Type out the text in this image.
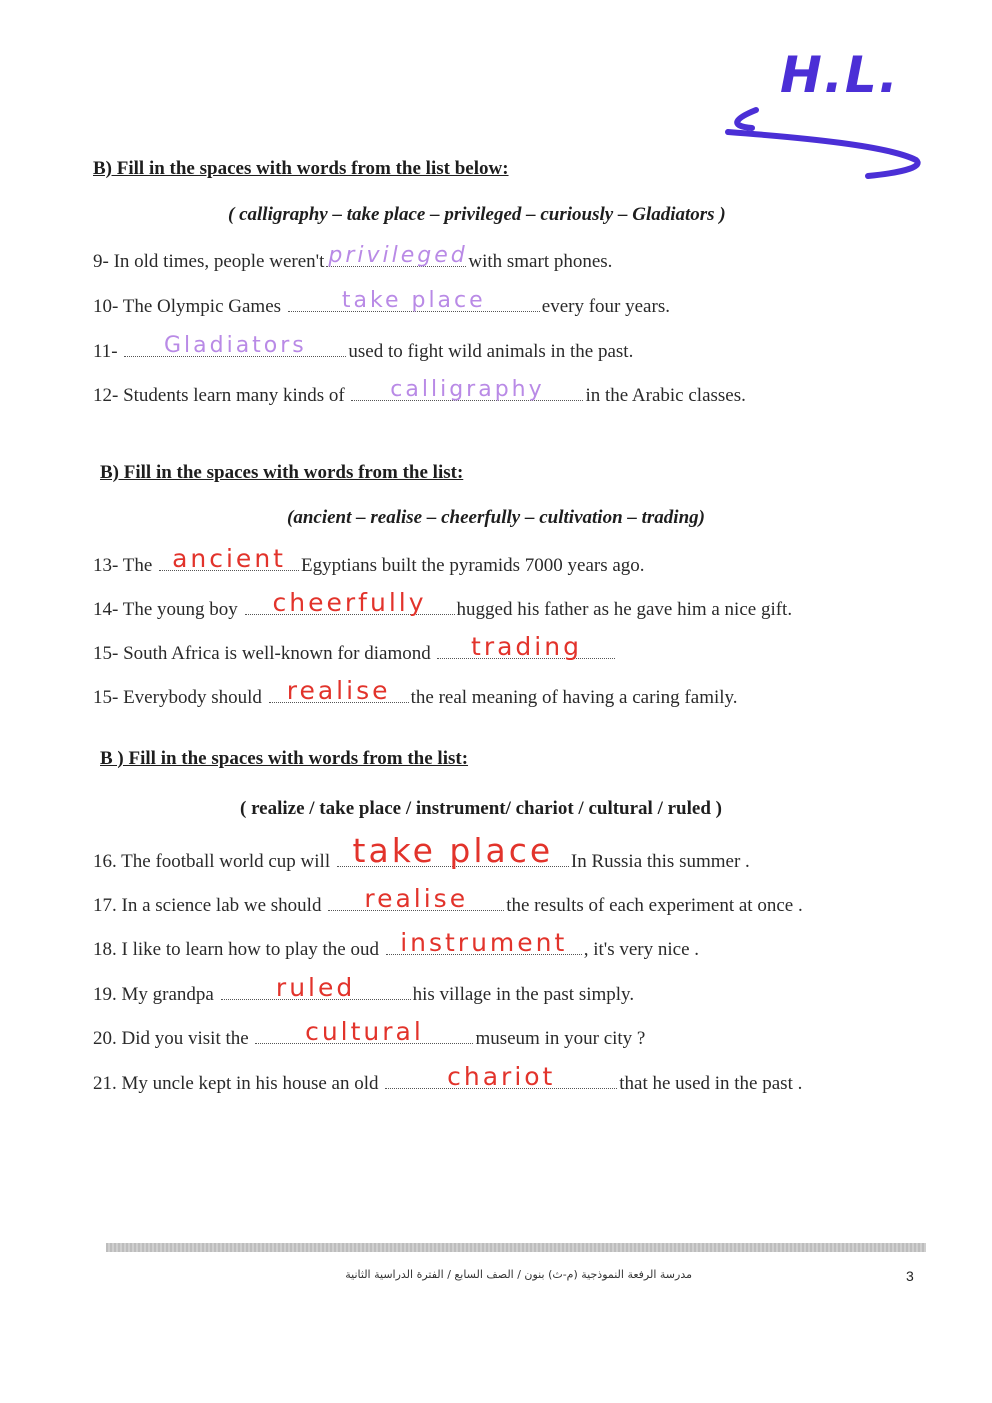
H.L.
B) Fill in the spaces with words from the list below:
( calligraphy – take place – privileged – curiously – Gladiators )
9- In old times, people weren't privileged with smart phones.
10- The Olympic Games	take place	every four years.
11-	Gladiators	used to fight wild animals in the past.
12- Students learn many kinds of	calligraphy	in the Arabic classes.
B) Fill in the spaces with words from the list:
(ancient – realise – cheerfully – cultivation – trading)
13- The ancient Egyptians built the pyramids 7000 years ago.
14- The young boy	cheerfully	hugged his father as he gave him a nice gift.
15- South Africa is well-known for diamond	trading
15- Everybody should realise	the real meaning of having a caring family.
B ) Fill in the spaces with words from the list:
( realize / take place / instrument/ chariot / cultural / ruled )
16. The football world cup will take place In Russia this summer .
17. In a science lab we should	realise	the results of each experiment at once .
18. I like to learn how to play the oud instrument , it's very nice .
19. My grandpa	ruled	his village in the past simply.
20. Did you visit the	cultural	museum in your city ?
21. My uncle kept in his house an old	chariot	that he used in the past .
مدرسة الرفعة النموذجية (م-ث) بنون / الصف السابع / الفترة الدراسية الثانية	3
